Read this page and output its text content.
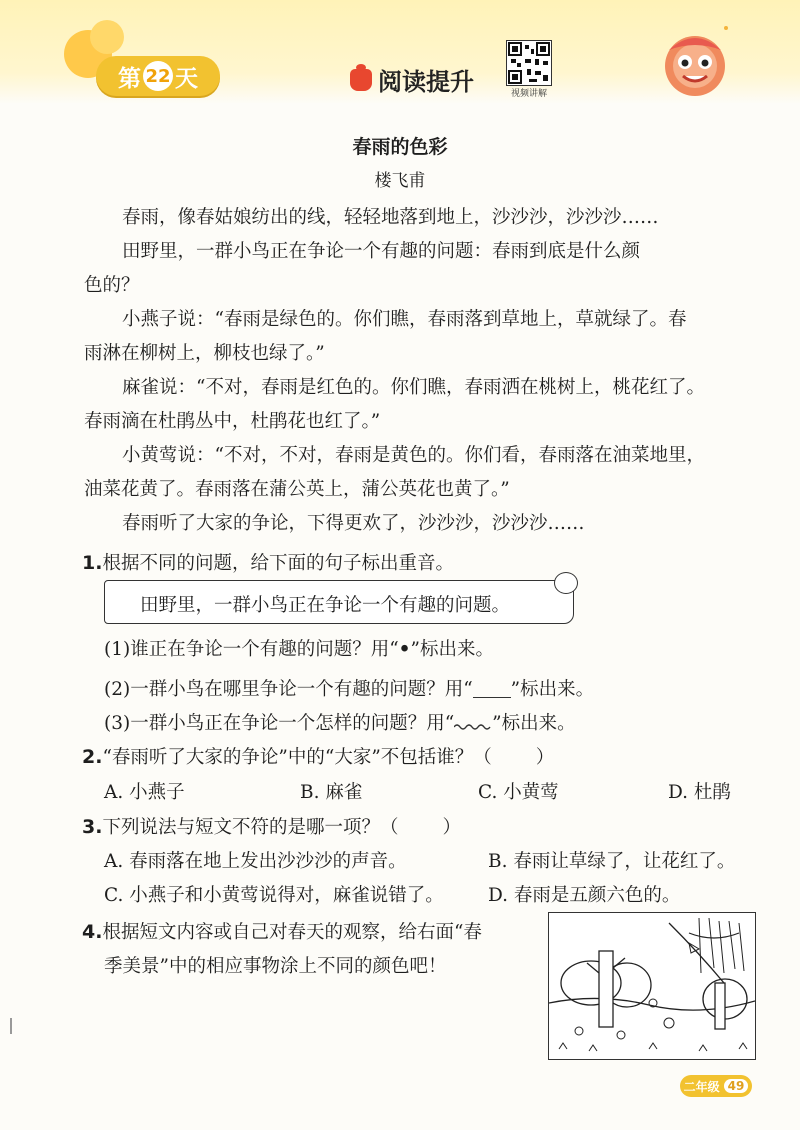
第 22 天	阅读提升	视频讲解
春雨的色彩
楼飞甫
春雨，像春姑娘纺出的线，轻轻地落到地上，沙沙沙，沙沙沙……
田野里，一群小鸟正在争论一个有趣的问题：春雨到底是什么颜
色的？
小燕子说：“春雨是绿色的。你们瞧，春雨落到草地上，草就绿了。春
雨淋在柳树上，柳枝也绿了。”
麻雀说：“不对，春雨是红色的。你们瞧，春雨洒在桃树上，桃花红了。
春雨滴在杜鹃丛中，杜鹃花也红了。”
小黄莺说：“不对，不对，春雨是黄色的。你们看，春雨落在油菜地里，
油菜花黄了。春雨落在蒲公英上，蒲公英花也黄了。”
春雨听了大家的争论，下得更欢了，沙沙沙，沙沙沙……
1.根据不同的问题，给下面的句子标出重音。
田野里，一群小鸟正在争论一个有趣的问题。
(1)谁正在争论一个有趣的问题？用“•”标出来。
(2)一群小鸟在哪里争论一个有趣的问题？用“ ”标出来。
(3)一群小鸟正在争论一个怎样的问题？用“ ”标出来。
2.“春雨听了大家的争论”中的“大家”不包括谁？（ ）
A. 小燕子	B. 麻雀	C. 小黄莺	D. 杜鹃
3.下列说法与短文不符的是哪一项？（ ）
A. 春雨落在地上发出沙沙沙的声音。	B. 春雨让草绿了，让花红了。
C. 小燕子和小黄莺说得对，麻雀说错了。 D. 春雨是五颜六色的。
4.根据短文内容或自己对春天的观察，给右面“春
季美景”中的相应事物涂上不同的颜色吧！
二年级 49
